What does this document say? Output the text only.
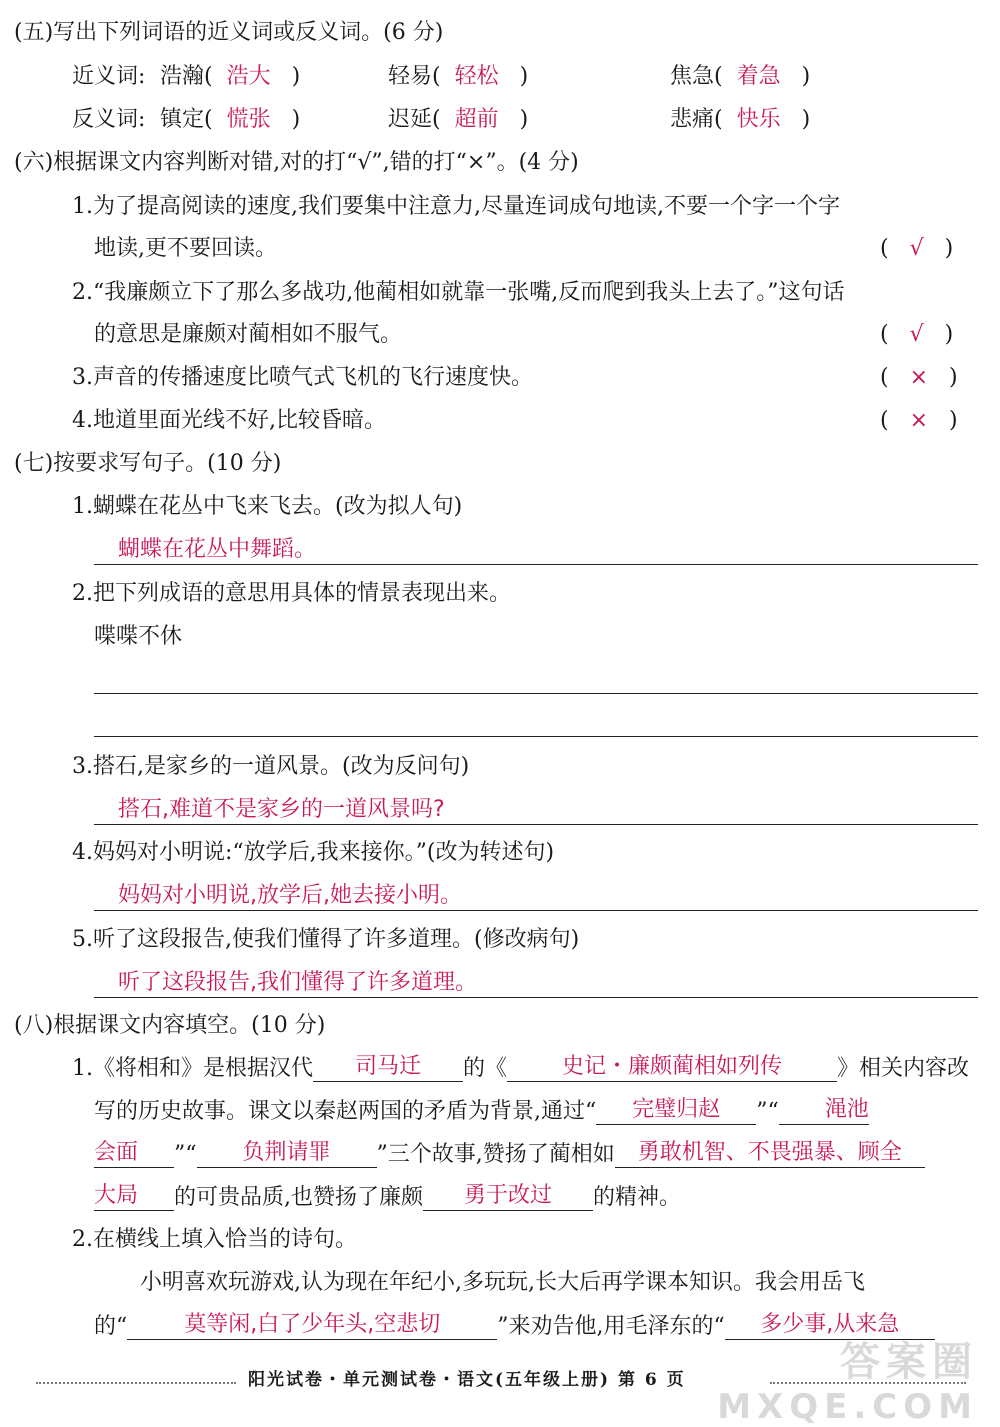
(五)写出下列词语的近义词或反义词。(6 分)
近义词: 浩瀚(  浩大   )	轻易(  轻松   )	焦急(  着急   )
反义词: 镇定(  慌张   )	迟延(  超前   )	悲痛(  快乐   )
(六)根据课文内容判断对错,对的打“√”,错的打“×”。(4 分)
1.为了提高阅读的速度,我们要集中注意力,尽量连词成句地读,不要一个字一个字
地读,更不要回读。	(   √   )
2.“我廉颇立下了那么多战功,他蔺相如就靠一张嘴,反而爬到我头上去了。”这句话
的意思是廉颇对蔺相如不服气。	(   √   )
3.声音的传播速度比喷气式飞机的飞行速度快。	(   ×   )
4.地道里面光线不好,比较昏暗。	(   ×   )
(七)按要求写句子。(10 分)
1.蝴蝶在花丛中飞来飞去。(改为拟人句)
蝴蝶在花丛中舞蹈。
2.把下列成语的意思用具体的情景表现出来。
喋喋不休
3.搭石,是家乡的一道风景。(改为反问句)
搭石,难道不是家乡的一道风景吗?
4.妈妈对小明说:“放学后,我来接你。”(改为转述句)
妈妈对小明说,放学后,她去接小明。
5.听了这段报告,使我们懂得了许多道理。(修改病句)
听了这段报告,我们懂得了许多道理。
(八)根据课文内容填空。(10 分)
1.《将相和》是根据汉代 司马迁 的《 史记・廉颇蔺相如列传	》相关内容改
写的历史故事。课文以秦赵两国的矛盾为背景,通过“ 完璧归赵 ”“ 渑池
会面 ”“ 负荆请罪 ”三个故事,赞扬了蔺相如 勇敢机智、不畏强暴、顾全
大局 的可贵品质,也赞扬了廉颇 勇于改过 的精神。
2.在横线上填入恰当的诗句。
小明喜欢玩游戏,认为现在年纪小,多玩玩,长大后再学课本知识。我会用岳飞
的“	莫等闲,白了少年头,空悲切	”来劝告他,用毛泽东的“ 多少事,从来急
阳光试卷・单元测试卷・语文(五年级上册) 第 6 页	答案圈
MXQE.COM
